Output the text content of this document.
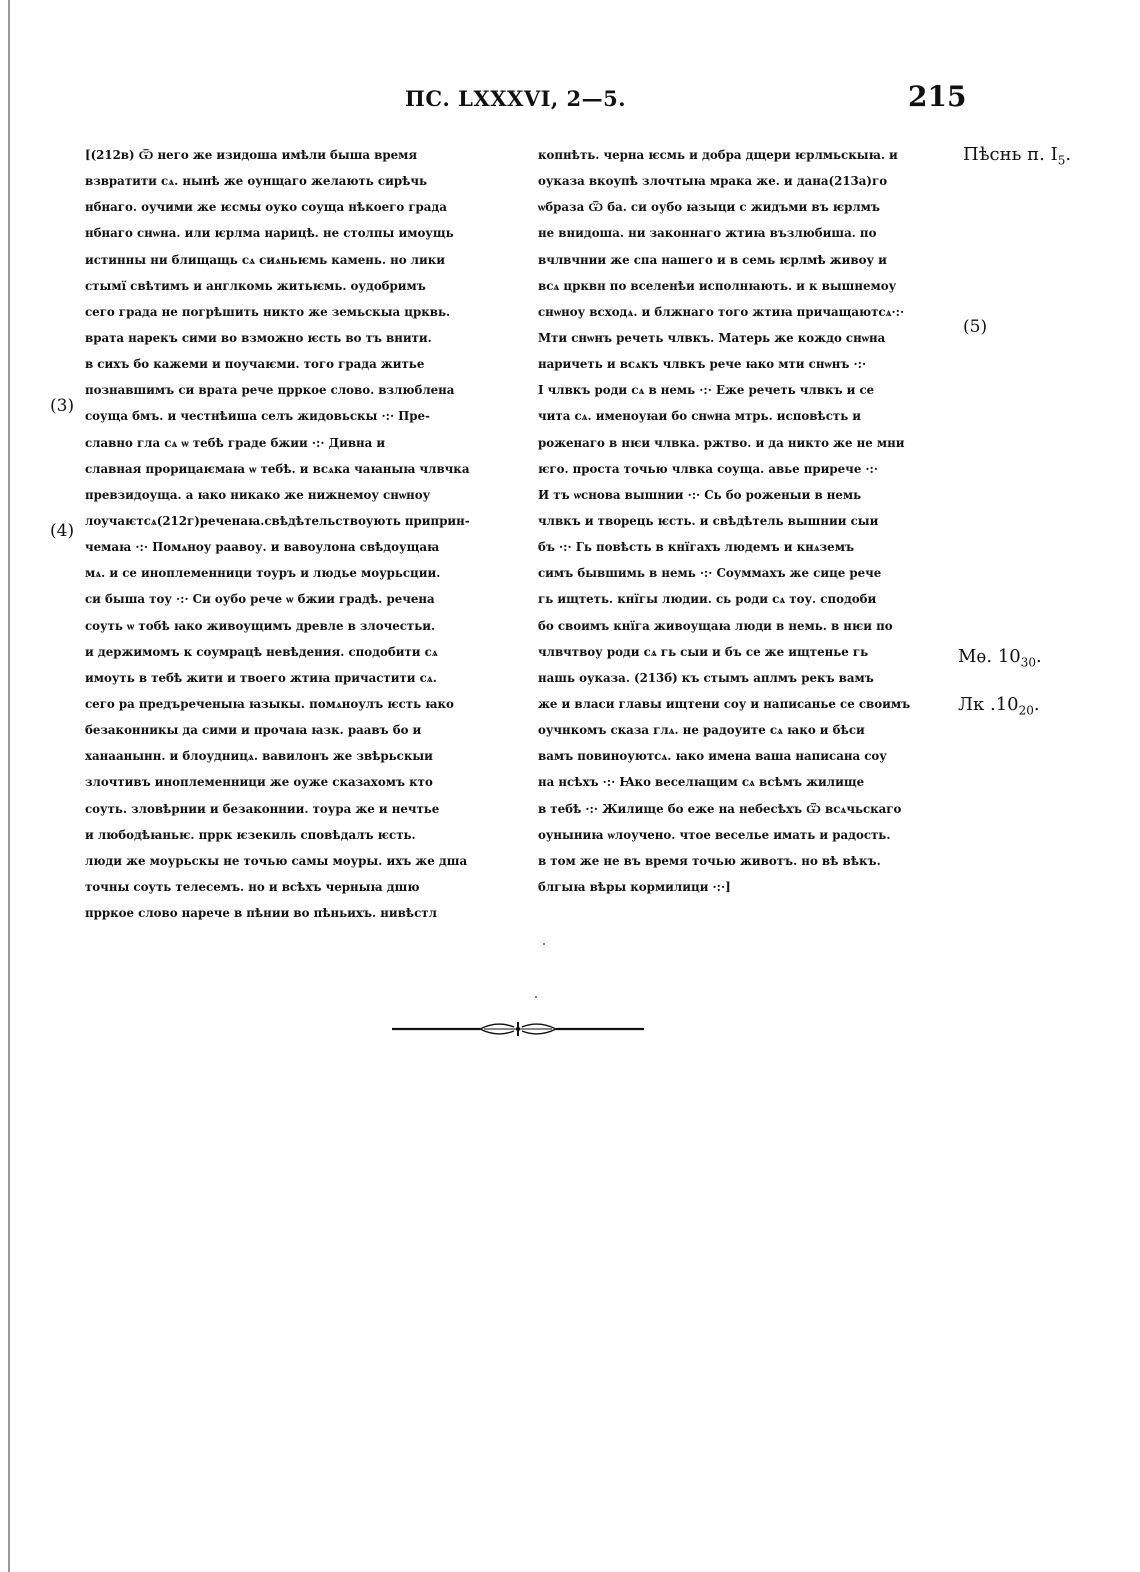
ПС. LXXXVI, 2—5.	215
[(212в) Ѿ него же изидоша имѣли быша время
взвратити сѧ. нынѣ же оунщаго желають сирѣчь
нбнаго. оучими же ѥсмы оуко соуща нѣкоего града
нбнаго снѡна. или ѥрлма нарицѣ. не столпы имоущь
истинны ни блищащь сѧ сиѧньѥмь камень. но лики
стымї свѣтимъ и англкомь житьѥмь. оудобримъ
сего града не погрѣшить никто же земьскыа црквь.
врата нарекъ сими во взможно ѥсть во тъ внити.
в сихъ бо кажеми и поучаѥми. того града житье
познавшимъ си врата рече прркое слово. взлюблена
соуща бмъ. и честнѣиша селъ жидовьскы ·:· Пре-
славно гла сѧ ѡ тебѣ граде бжии ·:· Дивна и
славная прорицаѥмаꙗ ѡ тебѣ. и всѧка чаꙗныꙗ члвчка
превзидоуща. а ꙗко никако же нижнемоу снѡноу
лоучаѥтсѧ(212г)реченаꙗ.свѣдѣтельствоують приприн-
чемаꙗ ·:· Помѧноу раавоу. и вавоулона свѣдоущаꙗ
мѧ. и се иноплеменници тоуръ и людье моурьсции.
си быша тоу ·:· Си оубо рече ѡ бжии градѣ. речена
соуть ѡ тобѣ ꙗко живоущимъ древле в злочестьи.
и держимомъ к соумрацѣ невѣдения. сподобити сѧ
имоуть в тебѣ жити и твоего жтиꙗ причастити сѧ.
сего ра предъреченыꙗ ꙗзыкы. помѧноулъ ѥсть ꙗко
безаконникы да сими и прочаꙗ ꙗзк. раавъ бо и
ханаанынн. и блоудницѧ. вавилонъ же звѣрьскыи
злочтивъ иноплеменници же оуже сказахомъ кто
соуть. зловѣрнии и безаконнии. тоура же и нечтье
и любодѣꙗньѥ. пррк ѥзекиль сповѣдалъ ѥсть.
люди же моурьскы не точью самы моуры. ихъ же дша
точны соуть телесемъ. но и всѣхъ черныꙗ дшю
прркое слово нарече в пѣнии во пѣньихъ. нивѣстл
копнѣть. черна ѥсмь и добра дщери ѥрлмьскыꙗ. и
оуказа вкоупѣ злочтыꙗ мрака же. и дана(213а)го
ѡбраза Ѿ ба. си оубо ꙗзыци с жидъми въ ѥрлмъ
не внидоша. ни законнаго жтиꙗ възлюбиша. по
вчлвчнии же спа нашего и в семь ѥрлмѣ живоу и
всѧ црквн по вселенѣи исполнꙗють. и к вышнемоу
снѡноу всходѧ. и блжнаго того жтиꙗ причащаютсѧ·:·
Мти снѡнъ речеть члвкъ. Матерь же кождо снѡна
наричеть и всѧкъ члвкъ рече ꙗко мти снѡнъ ·:·
I члвкъ роди сѧ в немь ·:· Еже речеть члвкъ и се
чита сѧ. именоуꙗи бо снѡна мтрь. исповѣсть и
роженаго в нѥи члвка. ржтво. и да никто же не мни
ѥго. проста точью члвка соуща. авье прирече ·:·
И тъ ѡснова вышнии ·:· Сь бо роженыи в немь
члвкъ и творець ѥсть. и свѣдѣтель вышнии сыи
бъ ·:· Гь повѣсть в кнїгахъ людемъ и кнѧземъ
симъ бывшимь в немь ·:· Соуммахъ же сице рече
гь ищтеть. кнїгы людии. сь роди сѧ тоу. сподоби
бо своимъ кнїга живоущаꙗ люди в немь. в нѥи по
члвчтвоу роди сѧ гь сыи и бъ се же ищтенье гь
нашь оуказа. (213б) къ стымъ аплмъ рекъ вамъ
же и власи главы ищтени соу и написанье се своимъ
оучнкомъ сказа глѧ. не радоуите сѧ ꙗко и бѣси
вамъ повиноуютсѧ. ꙗко имена ваша написана соу
на нсѣхъ ·:· Ꙗко веселꙗщим сѧ всѣмъ жилище
в тебѣ ·:· Жилище бо еже на небесѣхъ Ѿ всѧчьскаго
оуныниꙗ ѡлоучено. чтое веселье имать и радость.
в том же не въ время точью животъ. но вѣ вѣкъ.
блгыꙗ вѣры кормилици ·:·]
(3)
(4)
(5)
Пѣснь п. $I_5$.
Мѳ. $10_{30}$.
Лк $.10_{20}$.
